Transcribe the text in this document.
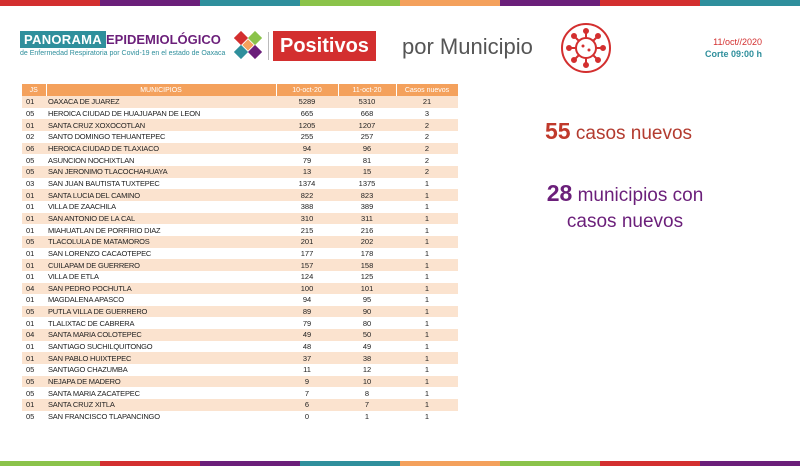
PANORAMA EPIDEMIOLÓGICO
de Enfermedad Respiratoria por Covid-19 en el estado de Oaxaca	Positivos	por Municipio	11/oct//2020
Corte 09:00 h
JS	MUNICIPIOS	10-oct-20	11-oct-20	Casos nuevos
01	OAXACA DE JUAREZ	5289	5310	21
05	HEROICA CIUDAD DE HUAJUAPAN DE LEON	665	668	3
01	SANTA CRUZ XOXOCOTLAN	1205	1207	2
02	SANTO DOMINGO TEHUANTEPEC	255	257	2
06	HEROICA CIUDAD DE TLAXIACO	94	96	2
05	ASUNCION NOCHIXTLAN	79	81	2
05	SAN JERONIMO TLACOCHAHUAYA	13	15	2
03	SAN JUAN BAUTISTA TUXTEPEC	1374	1375	1
01	SANTA LUCIA DEL CAMINO	822	823	1
01	VILLA DE ZAACHILA	388	389	1
01	SAN ANTONIO DE LA CAL	310	311	1
01	MIAHUATLAN DE PORFIRIO DIAZ	215	216	1
05	TLACOLULA DE MATAMOROS	201	202	1
01	SAN LORENZO CACAOTEPEC	177	178	1
01	CUILAPAM DE GUERRERO	157	158	1
01	VILLA DE ETLA	124	125	1
04	SAN PEDRO POCHUTLA	100	101	1
01	MAGDALENA APASCO	94	95	1
05	PUTLA VILLA DE GUERRERO	89	90	1
01	TLALIXTAC DE CABRERA	79	80	1
04	SANTA MARIA COLOTEPEC	49	50	1
01	SANTIAGO SUCHILQUITONGO	48	49	1
01	SAN PABLO HUIXTEPEC	37	38	1
05	SANTIAGO CHAZUMBA	11	12	1
05	NEJAPA DE MADERO	9	10	1
05	SANTA MARIA ZACATEPEC	7	8	1
01	SANTA CRUZ XITLA	6	7	1
05	SAN FRANCISCO TLAPANCINGO	0	1	1
55 casos nuevos
28 municipios con
casos nuevos
